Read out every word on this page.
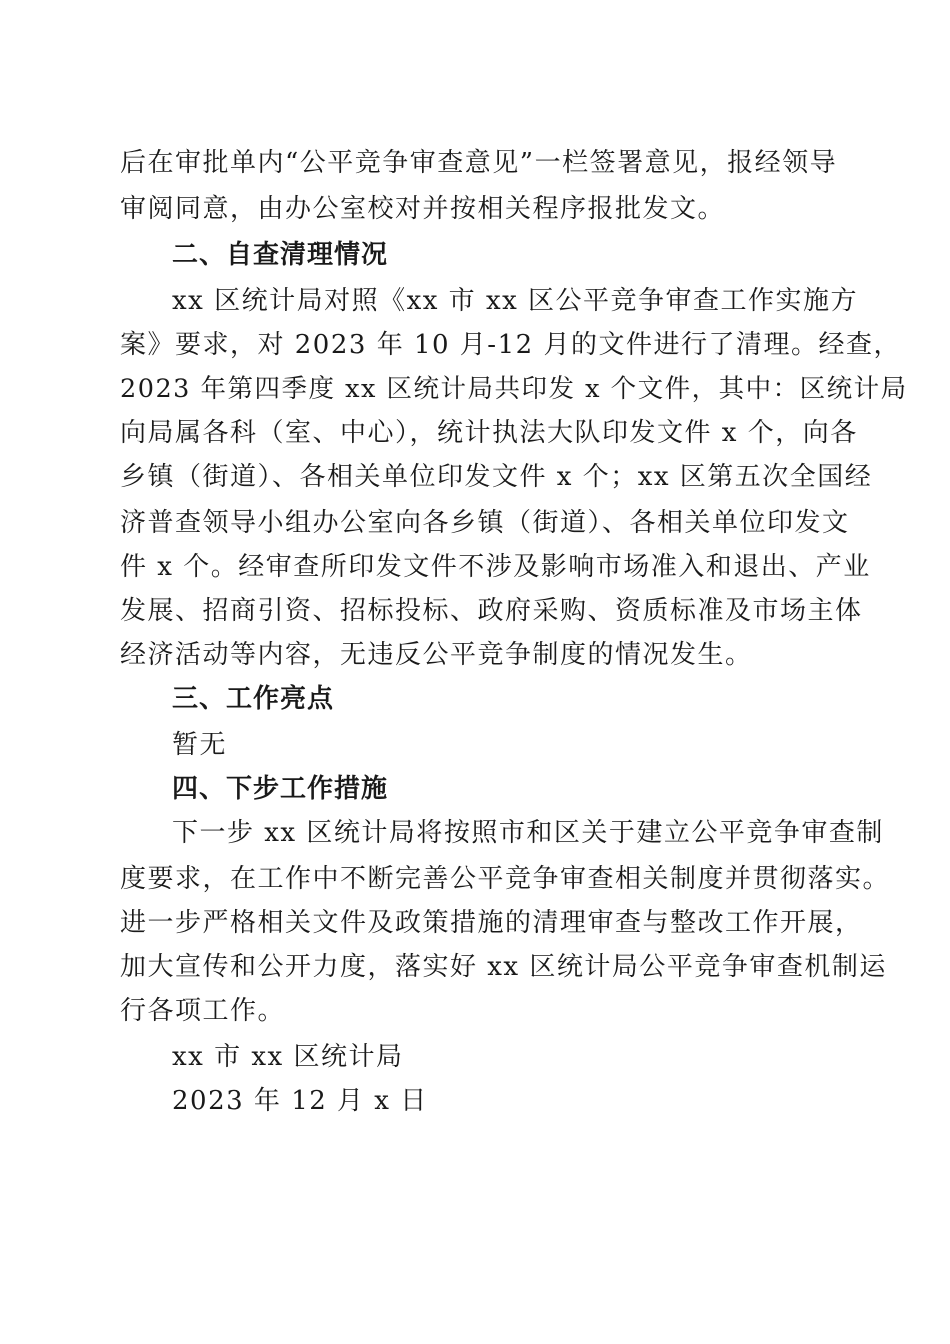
后在审批单内“公平竞争审查意见”一栏签署意见，报经领导
审阅同意，由办公室校对并按相关程序报批发文。
二、自查清理情况
xx 区统计局对照《xx 市 xx 区公平竞争审查工作实施方
案》要求，对 2023 年 10 月-12 月的文件进行了清理。经查，
2023 年第四季度 xx 区统计局共印发 x 个文件，其中：区统计局
向局属各科（室、中心），统计执法大队印发文件 x 个，向各
乡镇（街道）、各相关单位印发文件 x 个；xx 区第五次全国经
济普查领导小组办公室向各乡镇（街道）、各相关单位印发文
件 x 个。经审查所印发文件不涉及影响市场准入和退出、产业
发展、招商引资、招标投标、政府采购、资质标准及市场主体
经济活动等内容，无违反公平竞争制度的情况发生。
三、工作亮点
暂无
四、下步工作措施
下一步 xx 区统计局将按照市和区关于建立公平竞争审查制
度要求，在工作中不断完善公平竞争审查相关制度并贯彻落实。
进一步严格相关文件及政策措施的清理审查与整改工作开展，
加大宣传和公开力度，落实好 xx 区统计局公平竞争审查机制运
行各项工作。
xx 市 xx 区统计局
2023 年 12 月 x 日
